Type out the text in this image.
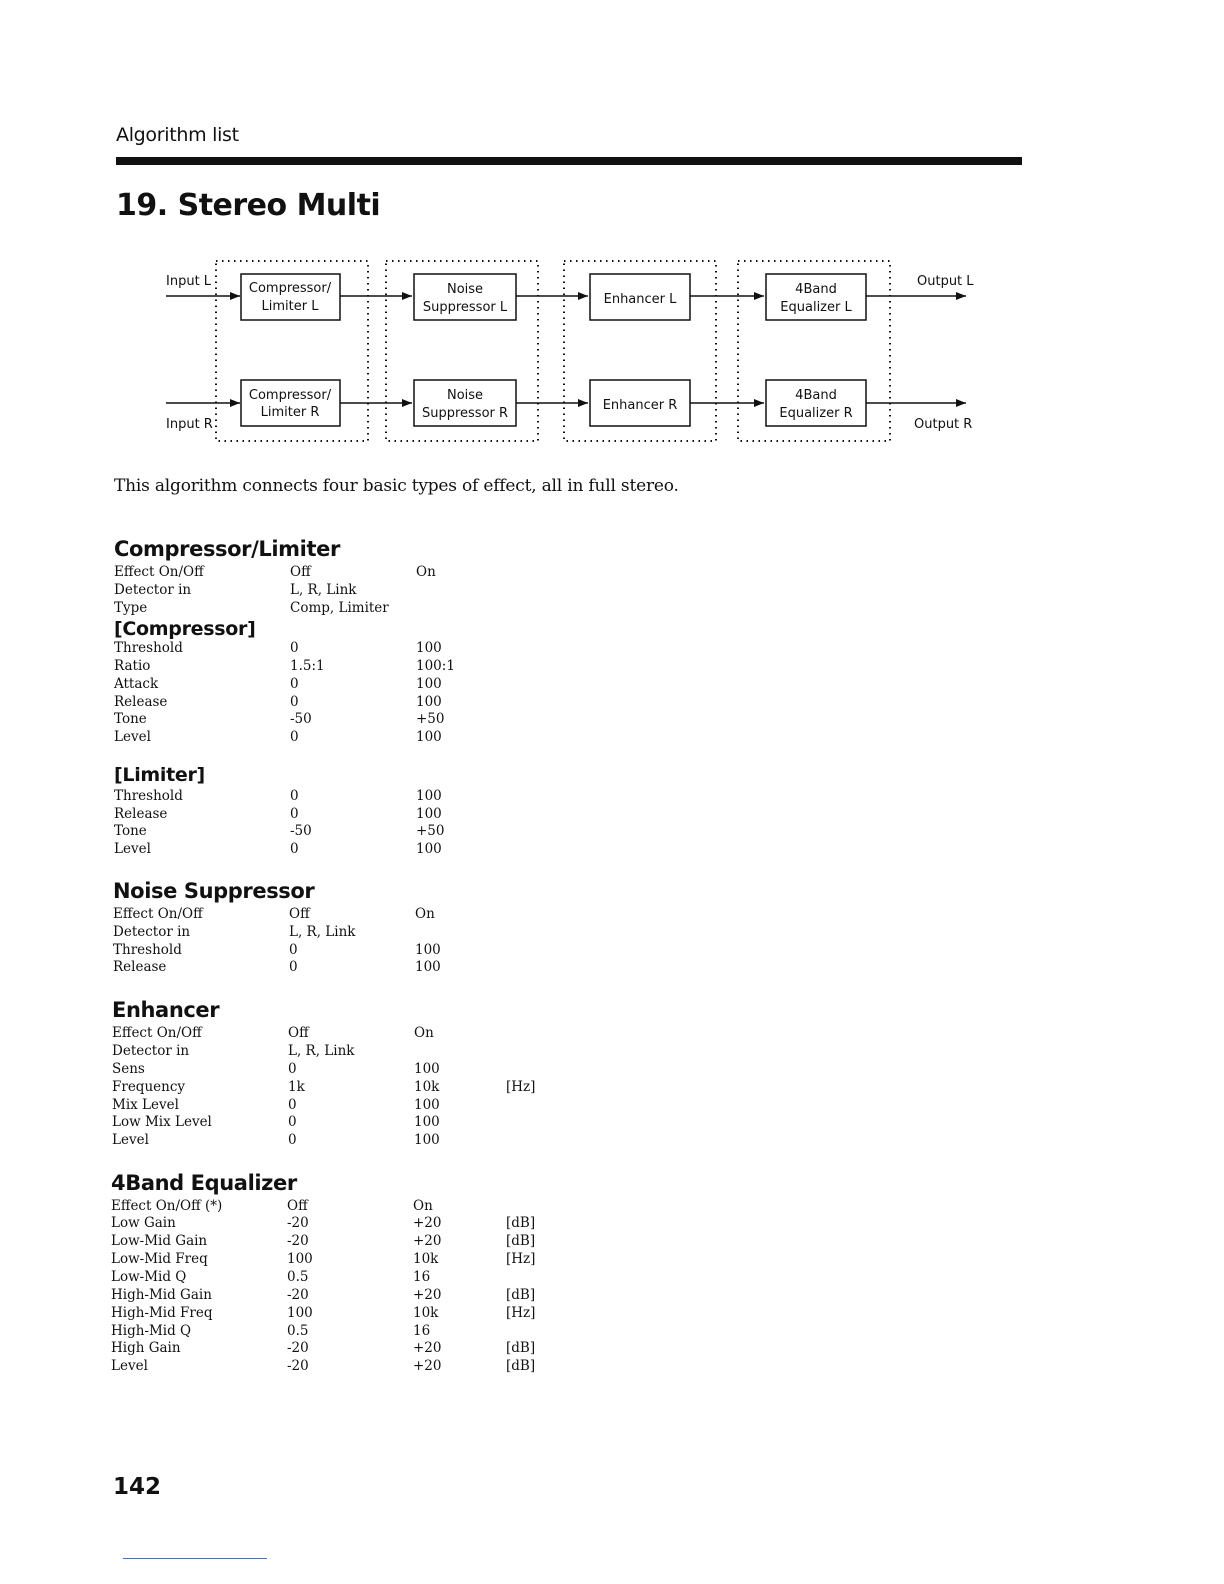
Algorithm list
19. Stereo Multi
Compressor/
Limiter L
Noise
Suppressor L
Enhancer L
4Band
Equalizer L
Compressor/
Limiter R
Noise
Suppressor R
Enhancer R
4Band
Equalizer R
Input L
Input R
Output L
Output R

This algorithm connects four basic types of effect, all in full stereo.

Compressor/Limiter
Effect On/Off	Off	On
Detector in	L, R, Link
Type	Comp, Limiter
[Compressor]
Threshold	0	100
Ratio	1.5:1	100:1
Attack	0	100
Release	0	100
Tone	-50	+50
Level	0	100
[Limiter]
Threshold	0	100
Release	0	100
Tone	-50	+50
Level	0	100
Noise Suppressor
Effect On/Off	Off	On
Detector in	L, R, Link
Threshold	0	100
Release	0	100
Enhancer
Effect On/Off	Off	On
Detector in	L, R, Link
Sens	0	100
Frequency	1k	10k	[Hz]
Mix Level	0	100
Low Mix Level	0	100
Level	0	100
4Band Equalizer
Effect On/Off (*)	Off	On
Low Gain	-20	+20	[dB]
Low-Mid Gain	-20	+20	[dB]
Low-Mid Freq	100	10k	[Hz]
Low-Mid Q	0.5	16
High-Mid Gain	-20	+20	[dB]
High-Mid Freq	100	10k	[Hz]
High-Mid Q	0.5	16
High Gain	-20	+20	[dB]
Level	-20	+20	[dB]
142
